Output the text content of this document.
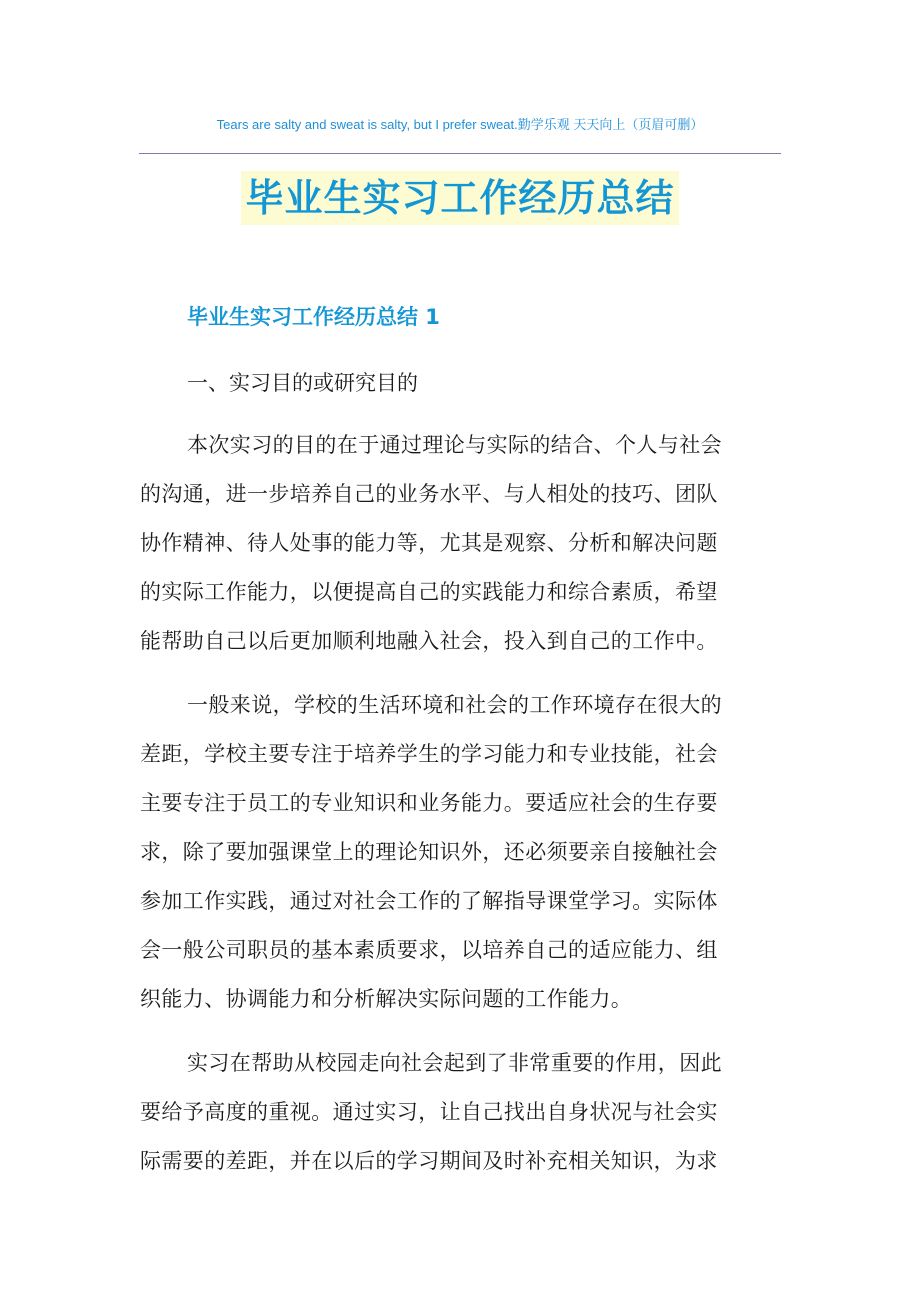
Tears are salty and sweat is salty, but I prefer sweat.勤学乐观 天天向上（页眉可删）
毕业生实习工作经历总结
毕业生实习工作经历总结 1
一、实习目的或研究目的
本次实习的目的在于通过理论与实际的结合、个人与社会
的沟通，进一步培养自己的业务水平、与人相处的技巧、团队
协作精神、待人处事的能力等，尤其是观察、分析和解决问题
的实际工作能力，以便提高自己的实践能力和综合素质，希望
能帮助自己以后更加顺利地融入社会，投入到自己的工作中。
一般来说，学校的生活环境和社会的工作环境存在很大的
差距，学校主要专注于培养学生的学习能力和专业技能，社会
主要专注于员工的专业知识和业务能力。要适应社会的生存要
求，除了要加强课堂上的理论知识外，还必须要亲自接触社会
参加工作实践，通过对社会工作的了解指导课堂学习。实际体
会一般公司职员的基本素质要求，以培养自己的适应能力、组
织能力、协调能力和分析解决实际问题的工作能力。
实习在帮助从校园走向社会起到了非常重要的作用，因此
要给予高度的重视。通过实习，让自己找出自身状况与社会实
际需要的差距，并在以后的学习期间及时补充相关知识，为求
